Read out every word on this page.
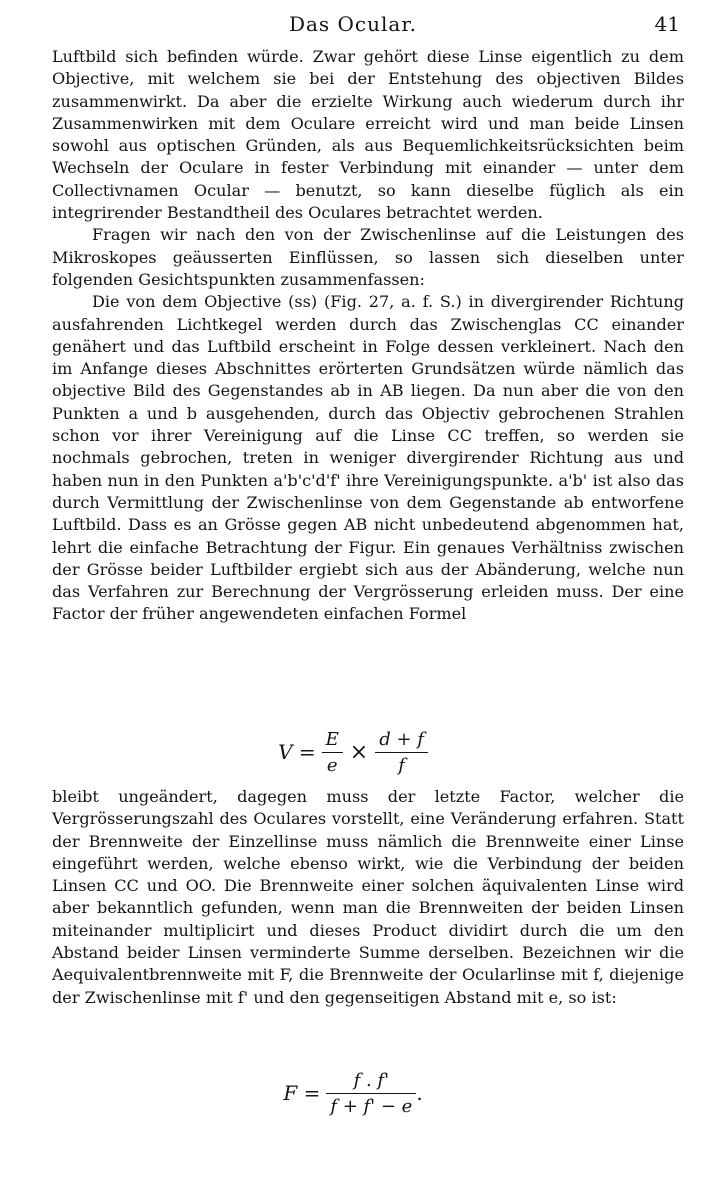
Das Ocular.	41

Luftbild sich befinden würde. Zwar gehört diese Linse eigentlich zu dem Objective, mit welchem sie bei der Entstehung des objectiven Bildes zusammenwirkt. Da aber die erzielte Wirkung auch wiederum durch ihr Zusammenwirken mit dem Oculare erreicht wird und man beide Linsen sowohl aus optischen Gründen, als aus Bequemlichkeitsrücksichten beim Wechseln der Oculare in fester Verbindung mit einander — unter dem Collectivnamen Ocular — benutzt, so kann dieselbe füglich als ein integrirender Bestandtheil des Oculares betrachtet werden.

Fragen wir nach den von der Zwischenlinse auf die Leistungen des Mikroskopes geäusserten Einflüssen, so lassen sich dieselben unter folgenden Gesichtspunkten zusammenfassen:

Die von dem Objective (ss) (Fig. 27, a. f. S.) in divergirender Richtung ausfahrenden Lichtkegel werden durch das Zwischenglas CC einander genähert und das Luftbild erscheint in Folge dessen verkleinert. Nach den im Anfange dieses Abschnittes erörterten Grundsätzen würde nämlich das objective Bild des Gegenstandes ab in AB liegen. Da nun aber die von den Punkten a und b ausgehenden, durch das Objectiv gebrochenen Strahlen schon vor ihrer Vereinigung auf die Linse CC treffen, so werden sie nochmals gebrochen, treten in weniger divergirender Richtung aus und haben nun in den Punkten a'b'c'd'f' ihre Vereinigungspunkte. a'b' ist also das durch Vermittlung der Zwischenlinse von dem Gegenstande ab entworfene Luftbild. Dass es an Grösse gegen AB nicht unbedeutend abgenommen hat, lehrt die einfache Betrachtung der Figur. Ein genaues Verhältniss zwischen der Grösse beider Luftbilder ergiebt sich aus der Abänderung, welche nun das Verfahren zur Berechnung der Vergrösserung erleiden muss. Der eine Factor der früher angewendeten einfachen Formel

$V = \frac{E}{e} \times \frac{d + f}{f}$

bleibt ungeändert, dagegen muss der letzte Factor, welcher die Vergrösserungszahl des Oculares vorstellt, eine Veränderung erfahren. Statt der Brennweite der Einzellinse muss nämlich die Brennweite einer Linse eingeführt werden, welche ebenso wirkt, wie die Verbindung der beiden Linsen CC und OO. Die Brennweite einer solchen äquivalenten Linse wird aber bekanntlich gefunden, wenn man die Brennweiten der beiden Linsen miteinander multiplicirt und dieses Product dividirt durch die um den Abstand beider Linsen verminderte Summe derselben. Bezeichnen wir die Aequivalentbrennweite mit F, die Brennweite der Ocularlinse mit f, diejenige der Zwischenlinse mit f' und den gegenseitigen Abstand mit e, so ist:

$F = \frac{f . f'}{f + f' - e}$ .
